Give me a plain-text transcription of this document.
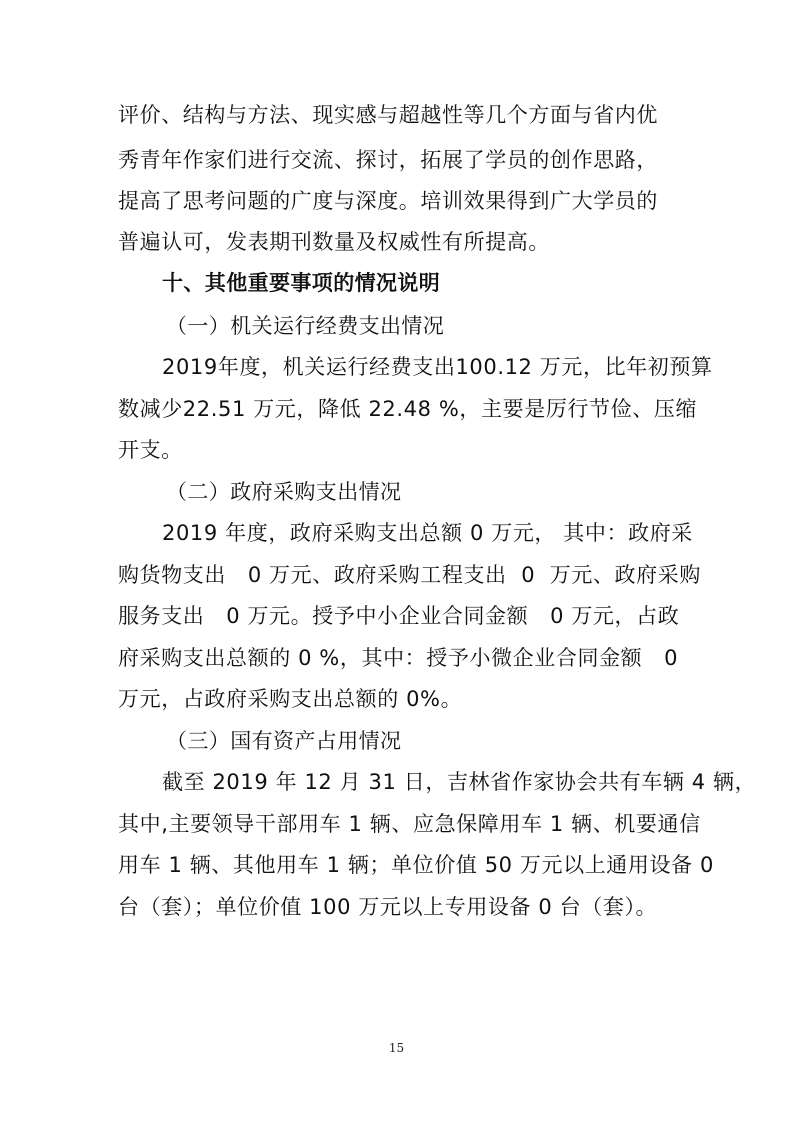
评价、结构与方法、现实感与超越性等几个方面与省内优
秀青年作家们进行交流、探讨，拓展了学员的创作思路，
提高了思考问题的广度与深度。培训效果得到广大学员的
普遍认可，发表期刊数量及权威性有所提高。
十、其他重要事项的情况说明
（一）机关运行经费支出情况
2019年度，机关运行经费支出100.12 万元，比年初预算
数减少22.51 万元，降低 22.48 %，主要是厉行节俭、压缩
开支。
（二）政府采购支出情况
2019 年度，政府采购支出总额 0 万元， 其中：政府采
购货物支出   0 万元、政府采购工程支出  0  万元、政府采购
服务支出   0 万元。授予中小企业合同金额   0 万元，占政
府采购支出总额的 0 %，其中：授予小微企业合同金额   0
万元，占政府采购支出总额的 0%。
（三）国有资产占用情况
截至 2019 年 12 月 31 日，吉林省作家协会共有车辆 4 辆，
其中,主要领导干部用车 1 辆、应急保障用车 1 辆、机要通信
用车 1 辆、其他用车 1 辆；单位价值 50 万元以上通用设备 0
台（套）；单位价值 100 万元以上专用设备 0 台（套）。
15
